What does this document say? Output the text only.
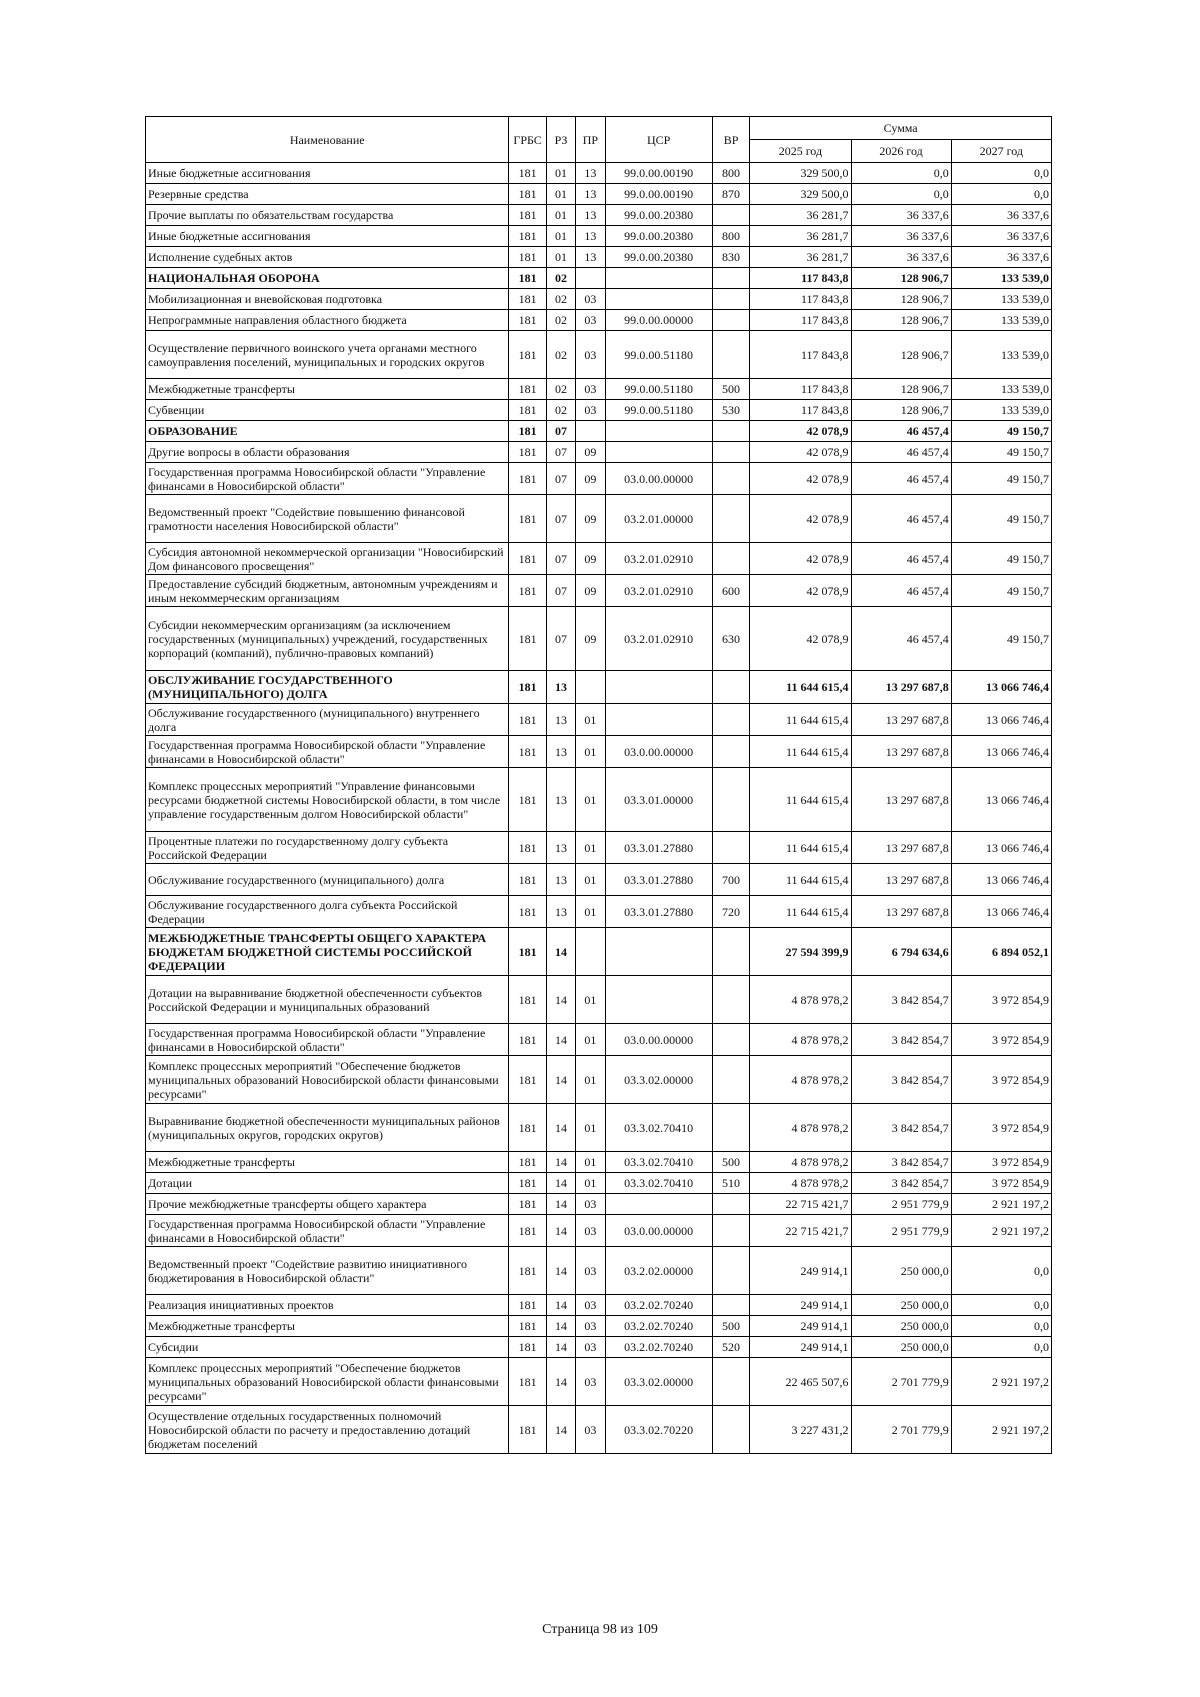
Наименование	ГРБС	РЗ	ПР	ЦСР	ВР	Сумма		
						2025 год	2026 год	2027 год
Иные бюджетные ассигнования	181	01	13	99.0.00.00190	800	329 500,0	0,0	0,0
Резервные средства	181	01	13	99.0.00.00190	870	329 500,0	0,0	0,0
Прочие выплаты по обязательствам государства	181	01	13	99.0.00.20380		36 281,7	36 337,6	36 337,6
Иные бюджетные ассигнования	181	01	13	99.0.00.20380	800	36 281,7	36 337,6	36 337,6
Исполнение судебных актов	181	01	13	99.0.00.20380	830	36 281,7	36 337,6	36 337,6
НАЦИОНАЛЬНАЯ ОБОРОНА	181	02				117 843,8	128 906,7	133 539,0
Мобилизационная и вневойсковая подготовка	181	02	03			117 843,8	128 906,7	133 539,0
Непрограммные направления областного бюджета	181	02	03	99.0.00.00000		117 843,8	128 906,7	133 539,0
Осуществление первичного воинского учета органами местного самоуправления поселений, муниципальных и городских округов	181	02	03	99.0.00.51180		117 843,8	128 906,7	133 539,0
Межбюджетные трансферты	181	02	03	99.0.00.51180	500	117 843,8	128 906,7	133 539,0
Субвенции	181	02	03	99.0.00.51180	530	117 843,8	128 906,7	133 539,0
ОБРАЗОВАНИЕ	181	07				42 078,9	46 457,4	49 150,7
Другие вопросы в области образования	181	07	09			42 078,9	46 457,4	49 150,7
Государственная программа Новосибирской области "Управление финансами в Новосибирской области"	181	07	09	03.0.00.00000		42 078,9	46 457,4	49 150,7
Ведомственный проект "Содействие повышению финансовой грамотности населения Новосибирской области"	181	07	09	03.2.01.00000		42 078,9	46 457,4	49 150,7
Субсидия автономной некоммерческой организации "Новосибирский Дом финансового просвещения"	181	07	09	03.2.01.02910		42 078,9	46 457,4	49 150,7
Предоставление субсидий бюджетным, автономным учреждениям и иным некоммерческим организациям	181	07	09	03.2.01.02910	600	42 078,9	46 457,4	49 150,7
Субсидии некоммерческим организациям (за исключением государственных (муниципальных) учреждений, государственных корпораций (компаний), публично-правовых компаний)	181	07	09	03.2.01.02910	630	42 078,9	46 457,4	49 150,7
ОБСЛУЖИВАНИЕ ГОСУДАРСТВЕННОГО (МУНИЦИПАЛЬНОГО) ДОЛГА	181	13				11 644 615,4	13 297 687,8	13 066 746,4
Обслуживание государственного (муниципального) внутреннего долга	181	13	01			11 644 615,4	13 297 687,8	13 066 746,4
Государственная программа Новосибирской области "Управление финансами в Новосибирской области"	181	13	01	03.0.00.00000		11 644 615,4	13 297 687,8	13 066 746,4
Комплекс процессных мероприятий "Управление финансовыми ресурсами бюджетной системы Новосибирской области, в том числе управление государственным долгом Новосибирской области"	181	13	01	03.3.01.00000		11 644 615,4	13 297 687,8	13 066 746,4
Процентные платежи по государственному долгу субъекта Российской Федерации	181	13	01	03.3.01.27880		11 644 615,4	13 297 687,8	13 066 746,4
Обслуживание государственного (муниципального) долга	181	13	01	03.3.01.27880	700	11 644 615,4	13 297 687,8	13 066 746,4
Обслуживание государственного долга субъекта Российской Федерации	181	13	01	03.3.01.27880	720	11 644 615,4	13 297 687,8	13 066 746,4
МЕЖБЮДЖЕТНЫЕ ТРАНСФЕРТЫ ОБЩЕГО ХАРАКТЕРА БЮДЖЕТАМ БЮДЖЕТНОЙ СИСТЕМЫ РОССИЙСКОЙ ФЕДЕРАЦИИ	181	14				27 594 399,9	6 794 634,6	6 894 052,1
Дотации на выравнивание бюджетной обеспеченности субъектов Российской Федерации и муниципальных образований	181	14	01			4 878 978,2	3 842 854,7	3 972 854,9
Государственная программа Новосибирской области "Управление финансами в Новосибирской области"	181	14	01	03.0.00.00000		4 878 978,2	3 842 854,7	3 972 854,9
Комплекс процессных мероприятий "Обеспечение бюджетов муниципальных образований Новосибирской области финансовыми ресурсами"	181	14	01	03.3.02.00000		4 878 978,2	3 842 854,7	3 972 854,9
Выравнивание бюджетной обеспеченности муниципальных районов (муниципальных округов, городских округов)	181	14	01	03.3.02.70410		4 878 978,2	3 842 854,7	3 972 854,9
Межбюджетные трансферты	181	14	01	03.3.02.70410	500	4 878 978,2	3 842 854,7	3 972 854,9
Дотации	181	14	01	03.3.02.70410	510	4 878 978,2	3 842 854,7	3 972 854,9
Прочие межбюджетные трансферты общего характера	181	14	03			22 715 421,7	2 951 779,9	2 921 197,2
Государственная программа Новосибирской области "Управление финансами в Новосибирской области"	181	14	03	03.0.00.00000		22 715 421,7	2 951 779,9	2 921 197,2
Ведомственный проект "Содействие развитию инициативного бюджетирования в Новосибирской области"	181	14	03	03.2.02.00000		249 914,1	250 000,0	0,0
Реализация инициативных проектов	181	14	03	03.2.02.70240		249 914,1	250 000,0	0,0
Межбюджетные трансферты	181	14	03	03.2.02.70240	500	249 914,1	250 000,0	0,0
Субсидии	181	14	03	03.2.02.70240	520	249 914,1	250 000,0	0,0
Комплекс процессных мероприятий "Обеспечение бюджетов муниципальных образований Новосибирской области финансовыми ресурсами"	181	14	03	03.3.02.00000		22 465 507,6	2 701 779,9	2 921 197,2
Осуществление отдельных государственных полномочий Новосибирской области по расчету и предоставлению дотаций бюджетам поселений	181	14	03	03.3.02.70220		3 227 431,2	2 701 779,9	2 921 197,2
Страница 98 из 109
